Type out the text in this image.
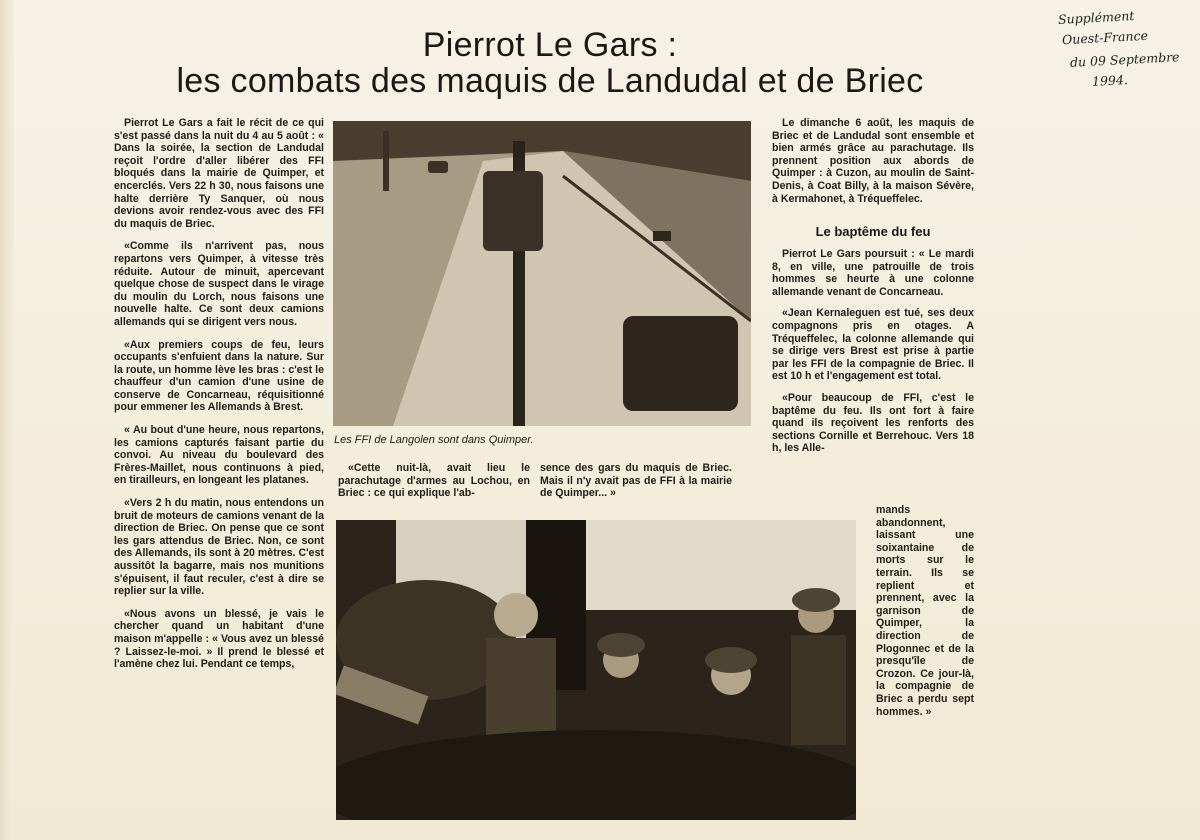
Pierrot Le Gars :
les combats des maquis de Landudal et de Briec
Supplément
Ouest-France
du 09 Septembre
1994.

Pierrot Le Gars a fait le récit de ce qui s'est passé dans la nuit du 4 au 5 août : « Dans la soirée, la section de Landudal reçoit l'ordre d'aller libérer des FFI bloqués dans la mairie de Quimper, et encerclés. Vers 22 h 30, nous faisons une halte derrière Ty Sanquer, où nous devions avoir rendez-vous avec des FFI du maquis de Briec.

«Comme ils n'arrivent pas, nous repartons vers Quimper, à vitesse très réduite. Autour de minuit, apercevant quelque chose de suspect dans le virage du moulin du Lorch, nous faisons une nouvelle halte. Ce sont deux camions allemands qui se dirigent vers nous.

«Aux premiers coups de feu, leurs occupants s'enfuient dans la nature. Sur la route, un homme lève les bras : c'est le chauffeur d'un camion d'une usine de conserve de Concarneau, réquisitionné pour emmener les Allemands à Brest.

« Au bout d'une heure, nous repartons, les camions capturés faisant partie du convoi. Au niveau du boulevard des Frères-Maillet, nous continuons à pied, en tirailleurs, en longeant les platanes.

«Vers 2 h du matin, nous entendons un bruit de moteurs de camions venant de la direction de Briec. On pense que ce sont les gars attendus de Briec. Non, ce sont des Allemands, ils sont à 20 mètres. C'est aussitôt la bagarre, mais nos munitions s'épuisent, il faut reculer, c'est à dire se replier sur la ville.

«Nous avons un blessé, je vais le chercher quand un habitant d'une maison m'appelle : « Vous avez un blessé ? Laissez-le-moi. » Il prend le blessé et l'amène chez lui. Pendant ce temps,

Les FFI de Langolen sont dans Quimper.

«Cette nuit-là, avait lieu le parachutage d'armes au Lochou, en Briec : ce qui explique l'ab-

sence des gars du maquis de Briec. Mais il n'y avait pas de FFI à la mairie de Quimper... »

Le dimanche 6 août, les maquis de Briec et de Landudal sont ensemble et bien armés grâce au parachutage. Ils prennent position aux abords de Quimper : à Cuzon, au moulin de Saint-Denis, à Coat Billy, à la maison Sévère, à Kermahonet, à Tréqueffelec.

Le baptême du feu

Pierrot Le Gars poursuit : « Le mardi 8, en ville, une patrouille de trois hommes se heurte à une colonne allemande venant de Concarneau.

«Jean Kernaleguen est tué, ses deux compagnons pris en otages. A Tréqueffelec, la colonne allemande qui se dirige vers Brest est prise à partie par les FFI de la compagnie de Briec. Il est 10 h et l'engagement est total.

«Pour beaucoup de FFI, c'est le baptême du feu. Ils ont fort à faire quand ils reçoivent les renforts des sections Cornille et Berrehouc. Vers 18 h, les Alle-

mands abandonnent, laissant une soixantaine de morts sur le terrain. Ils se replient et prennent, avec la garnison de Quimper, la direction de Plogonnec et de la presqu'île de Crozon. Ce jour-là, la compagnie de Briec a perdu sept hommes. »
